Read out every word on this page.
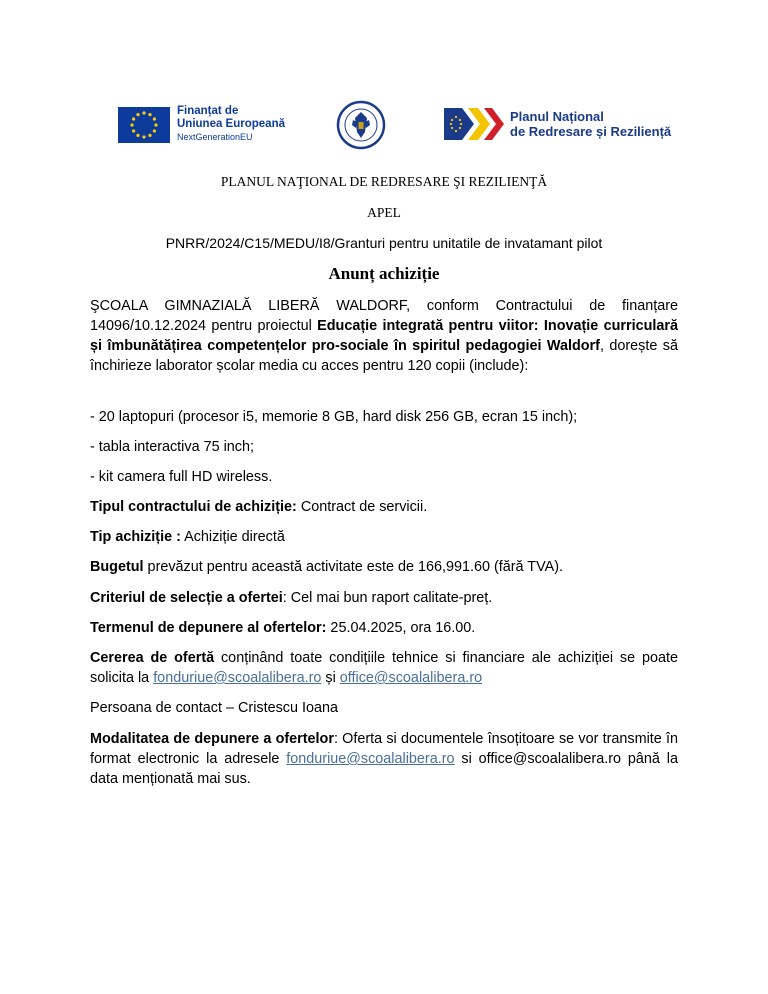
Finanțat de
Uniunea Europeană
NextGenerationEU
Planul Național
de Redresare și Reziliență
PLANUL NAŢIONAL DE REDRESARE ŞI REZILIENŢĂ
APEL
PNRR/2024/C15/MEDU/I8/Granturi pentru unitatile de invatamant pilot
Anunț achiziție

ŞCOALA GIMNAZIALĂ LIBERĂ WALDORF, conform Contractului de finanțare 14096/10.12.2024 pentru proiectul Educație integrată pentru viitor: Inovație curriculară și îmbunătățirea competențelor pro-sociale în spiritul pedagogiei Waldorf, dorește să închirieze laborator școlar media cu acces pentru 120 copii (include):

- 20 laptopuri (procesor i5, memorie 8 GB, hard disk 256 GB, ecran 15 inch);

- tabla interactiva 75 inch;

- kit camera full HD wireless.

Tipul contractului de achiziție: Contract de servicii.

Tip achiziție : Achiziție directă

Bugetul prevăzut pentru această activitate este de 166,991.60 (fără TVA).

Criteriul de selecție a ofertei: Cel mai bun raport calitate-preț.

Termenul de depunere al ofertelor: 25.04.2025, ora 16.00.

Cererea de ofertă conținând toate condițiile tehnice si financiare ale achiziției se poate solicita la fonduriue@scoalalibera.ro și office@scoalalibera.ro

Persoana de contact – Cristescu Ioana

Modalitatea de depunere a ofertelor: Oferta si documentele însoțitoare se vor transmite în format electronic la adresele fonduriue@scoalalibera.ro si office@scoalalibera.ro până la data menționată mai sus.
